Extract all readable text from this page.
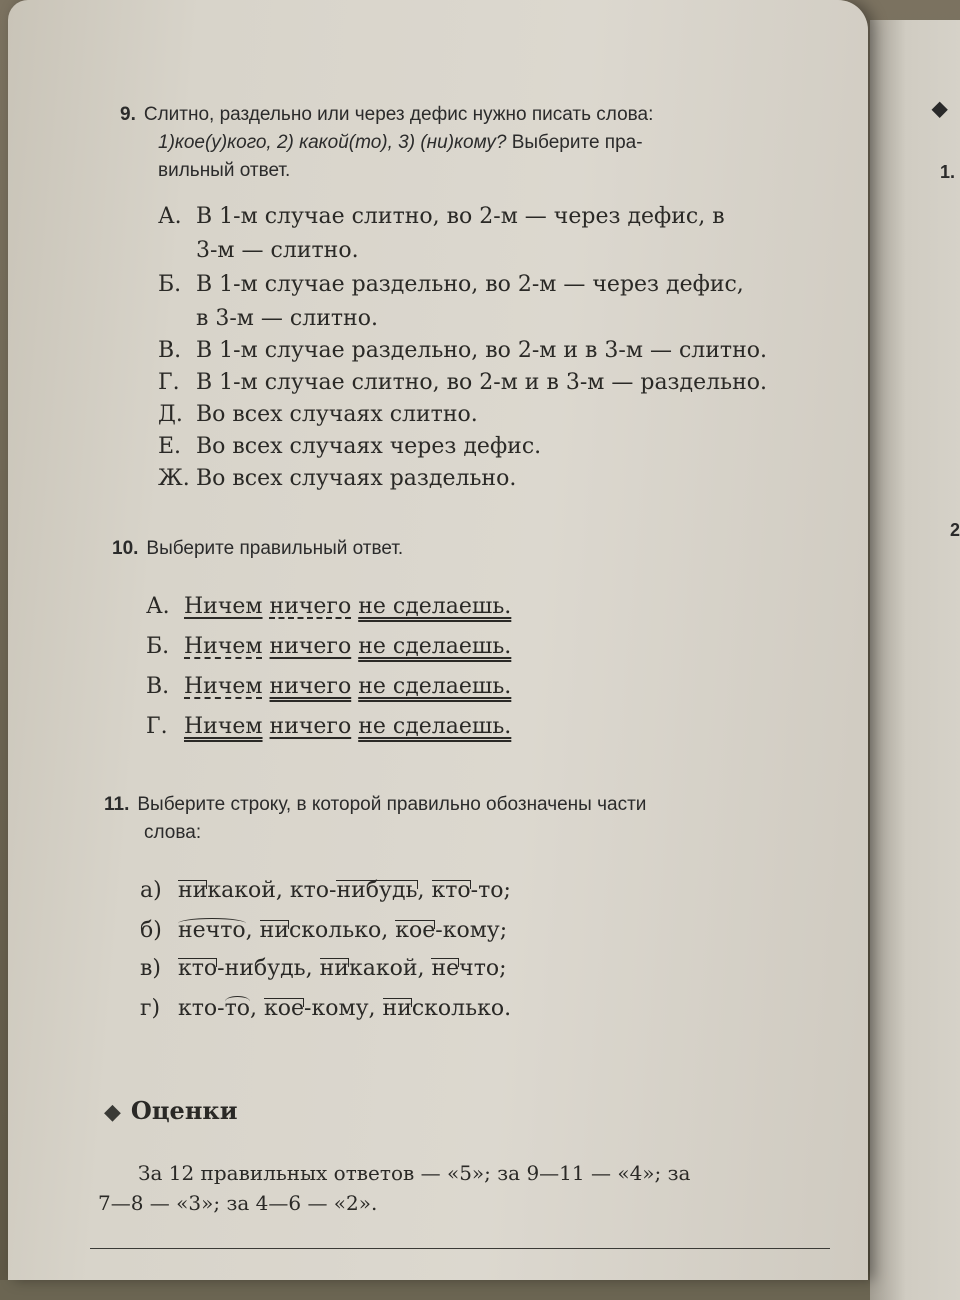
◆
1.
2
9. Слитно, раздельно или через дефис нужно писать слова:
1)кое(у)кого, 2) какой(то), 3) (ни)кому? Выберите пра-
вильный ответ.
А. В 1-м случае слитно, во 2-м — через дефис, в
3-м — слитно.
Б. В 1-м случае раздельно, во 2-м — через дефис,
в 3-м — слитно.
В. В 1-м случае раздельно, во 2-м и в 3-м — слитно.
Г. В 1-м случае слитно, во 2-м и в 3-м — раздельно.
Д. Во всех случаях слитно.
Е. Во всех случаях через дефис.
Ж. Во всех случаях раздельно.
10. Выберите правильный ответ.
А. Ничем ничего не сделаешь.
Б. Ничем ничего не сделаешь.
В. Ничем ничего не сделаешь.
Г. Ничем ничего не сделаешь.
11. Выберите строку, в которой правильно обозначены части
слова:
а) никакой, кто-нибудь, кто-то;
б) нечто, нисколько, кое-кому;
в) кто-нибудь, никакой, нечто;
г) кто-то, кое-кому, нисколько.
◆ Оценки
За 12 правильных ответов — «5»; за 9—11 — «4»; за
7—8 — «3»; за 4—6 — «2».
